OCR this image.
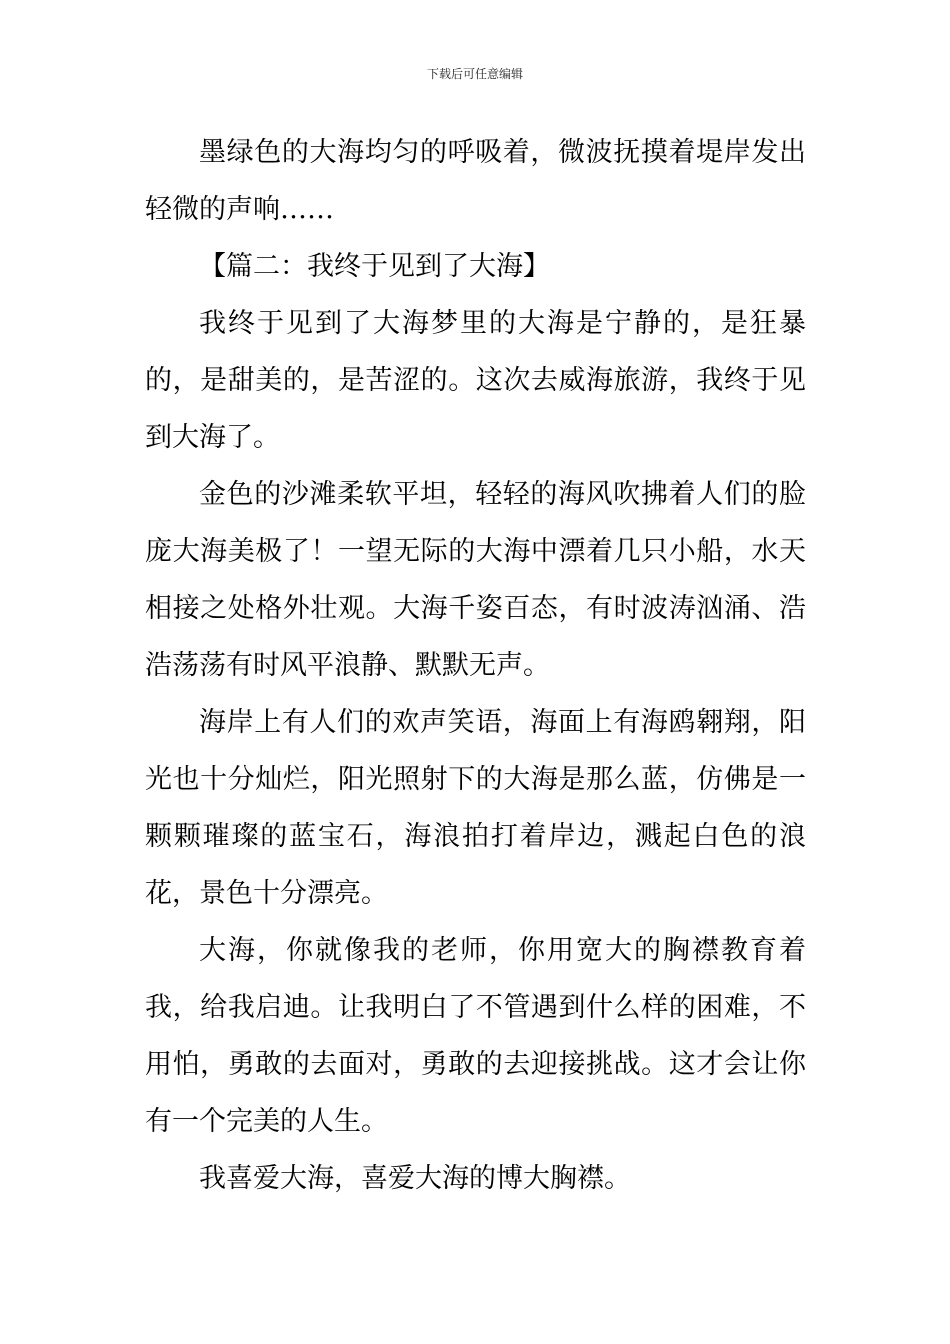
下载后可任意编辑

墨绿色的大海均匀的呼吸着，微波抚摸着堤岸发出轻微的声响……

【篇二：我终于见到了大海】

我终于见到了大海梦里的大海是宁静的，是狂暴的，是甜美的，是苦涩的。这次去威海旅游，我终于见到大海了。

金色的沙滩柔软平坦，轻轻的海风吹拂着人们的脸庞大海美极了！一望无际的大海中漂着几只小船，水天相接之处格外壮观。大海千姿百态，有时波涛汹涌、浩浩荡荡有时风平浪静、默默无声。

海岸上有人们的欢声笑语，海面上有海鸥翱翔，阳光也十分灿烂，阳光照射下的大海是那么蓝，仿佛是一颗颗璀璨的蓝宝石，海浪拍打着岸边，溅起白色的浪花，景色十分漂亮。

大海，你就像我的老师，你用宽大的胸襟教育着我，给我启迪。让我明白了不管遇到什么样的困难，不用怕，勇敢的去面对，勇敢的去迎接挑战。这才会让你有一个完美的人生。

我喜爱大海，喜爱大海的博大胸襟。
